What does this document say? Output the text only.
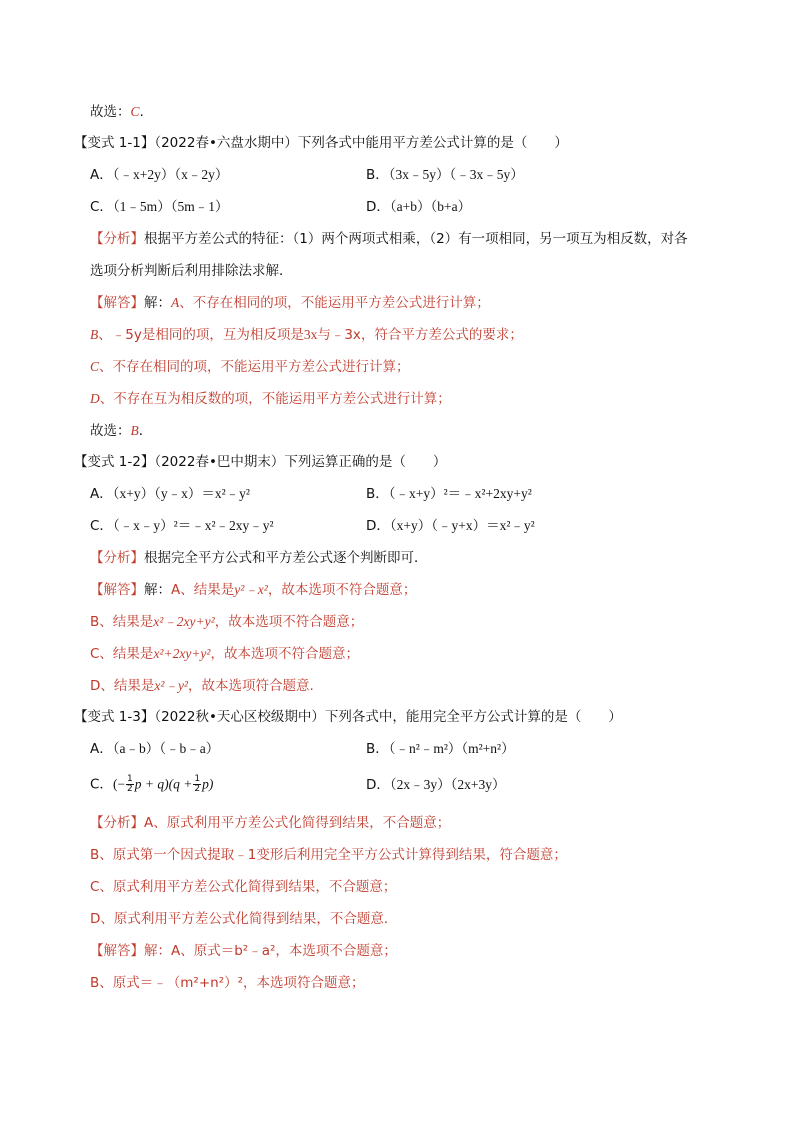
故选：C.
【变式 1-1】（2022春•六盘水期中）下列各式中能用平方差公式计算的是（　　）
A．（﹣x+2y）（x﹣2y）	B．（3x﹣5y）（﹣3x﹣5y）
C．（1﹣5m）（5m﹣1）	D．（a+b）（b+a）
【分析】根据平方差公式的特征：（1）两个两项式相乘，（2）有一项相同，另一项互为相反数，对各
选项分析判断后利用排除法求解．
【解答】解：A、不存在相同的项，不能运用平方差公式进行计算；
B、﹣5y是相同的项，互为相反项是3x与﹣3x，符合平方差公式的要求；
C、不存在相同的项，不能运用平方差公式进行计算；
D、不存在互为相反数的项，不能运用平方差公式进行计算；
故选：B．
【变式 1-2】（2022春•巴中期末）下列运算正确的是（　　）
A．（x+y）（y﹣x）＝x²﹣y²	B．（﹣x+y）²＝﹣x²+2xy+y²
C．（﹣x﹣y）²＝﹣x²﹣2xy﹣y²	D．（x+y）（﹣y+x）＝x²﹣y²
【分析】根据完全平方公式和平方差公式逐个判断即可．
【解答】解：A、结果是y²﹣x²，故本选项不符合题意；
B、结果是x²﹣2xy+y²，故本选项不符合题意；
C、结果是x²+2xy+y²，故本选项不符合题意；
D、结果是x²﹣y²，故本选项符合题意.
【变式 1-3】（2022秋•天心区校级期中）下列各式中，能用完全平方公式计算的是（　　）
A．（a﹣b）（﹣b﹣a）	B．（﹣n²﹣m²）（m²+n²）
C．(− $\frac{1}{2}$ $p + q)(q + \frac{1}{2} p)$	D．（2x﹣3y）（2x+3y）
【分析】A、原式利用平方差公式化简得到结果，不合题意；
B、原式第一个因式提取﹣1变形后利用完全平方公式计算得到结果，符合题意；
C、原式利用平方差公式化简得到结果，不合题意；
D、原式利用平方差公式化简得到结果，不合题意．
【解答】解：A、原式＝b²﹣a²，本选项不合题意；
B、原式＝﹣（m²+n²）²，本选项符合题意；
